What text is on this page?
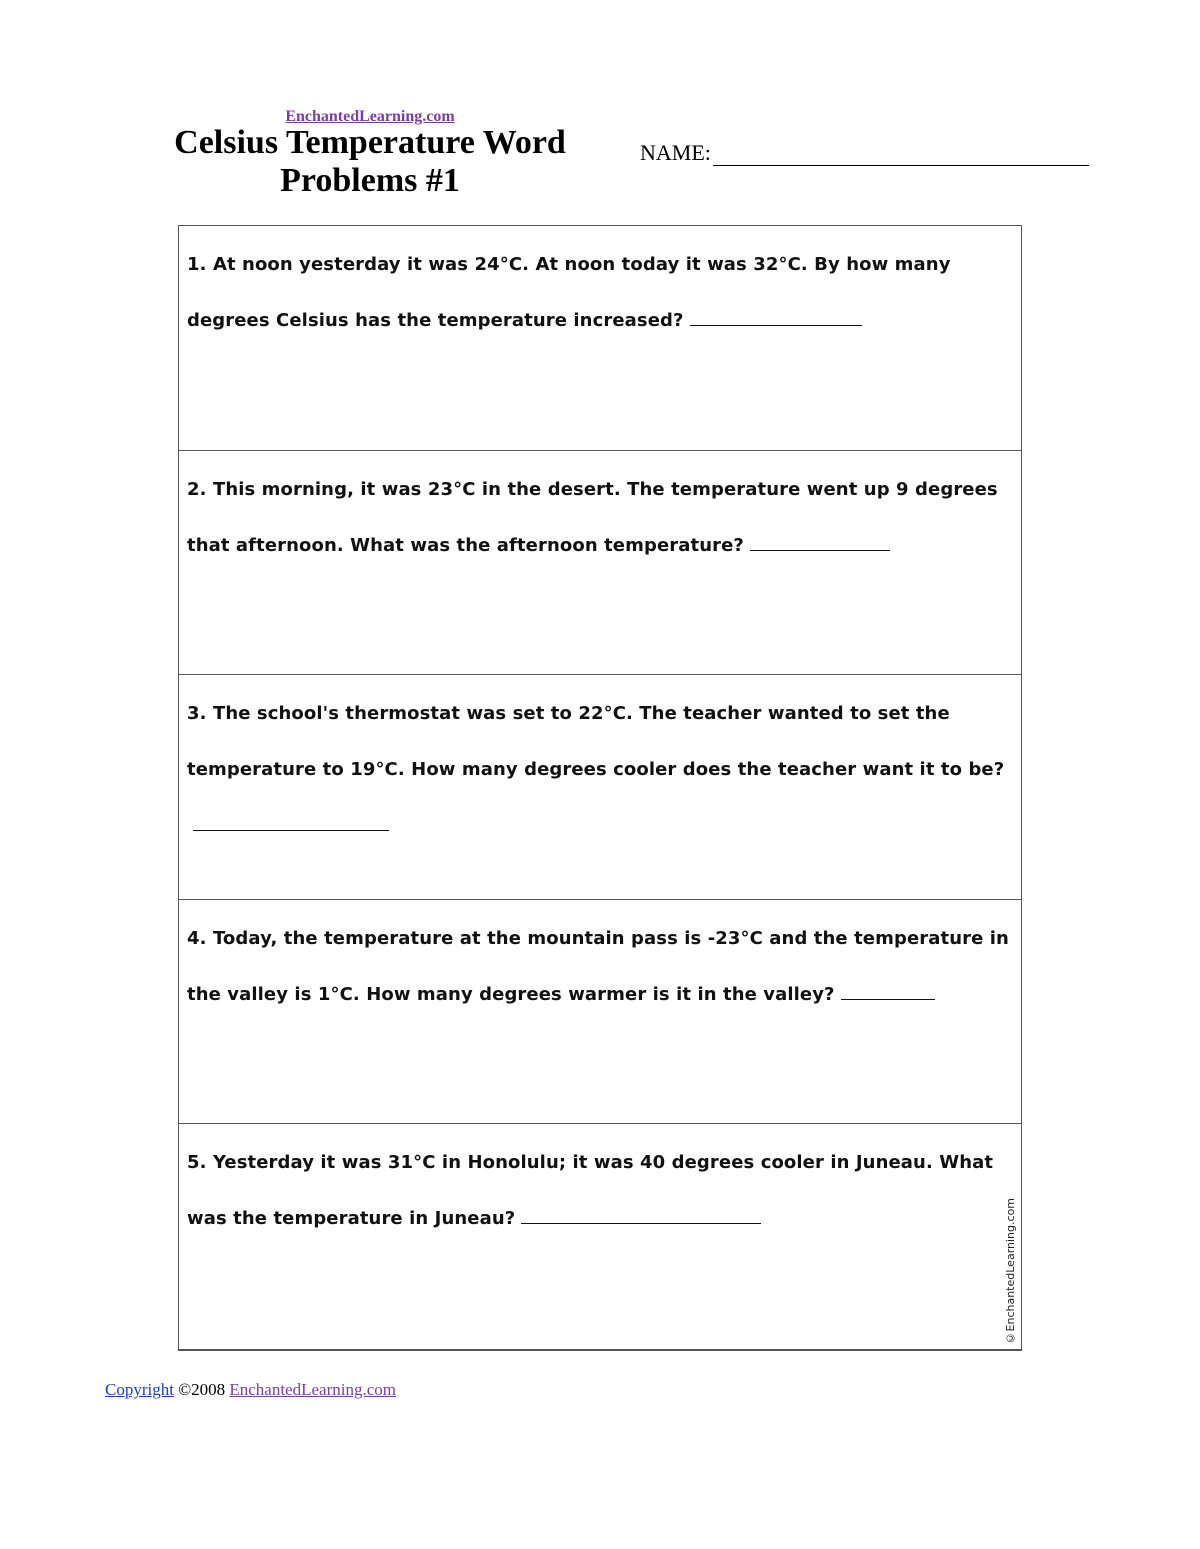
EnchantedLearning.com
Celsius Temperature Word
Problems #1
NAME:
1. At noon yesterday it was 24°C. At noon today it was 32°C. By how many degrees Celsius has the temperature increased?
2. This morning, it was 23°C in the desert. The temperature went up 9 degrees that afternoon. What was the afternoon temperature?
3. The school's thermostat was set to 22°C. The teacher wanted to set the temperature to 19°C. How many degrees cooler does the teacher want it to be?
4. Today, the temperature at the mountain pass is -23°C and the temperature in the valley is 1°C. How many degrees warmer is it in the valley?
5. Yesterday it was 31°C in Honolulu; it was 40 degrees cooler in Juneau. What was the temperature in Juneau?	©EnchantedLearning.com
Copyright ©2008 EnchantedLearning.com
